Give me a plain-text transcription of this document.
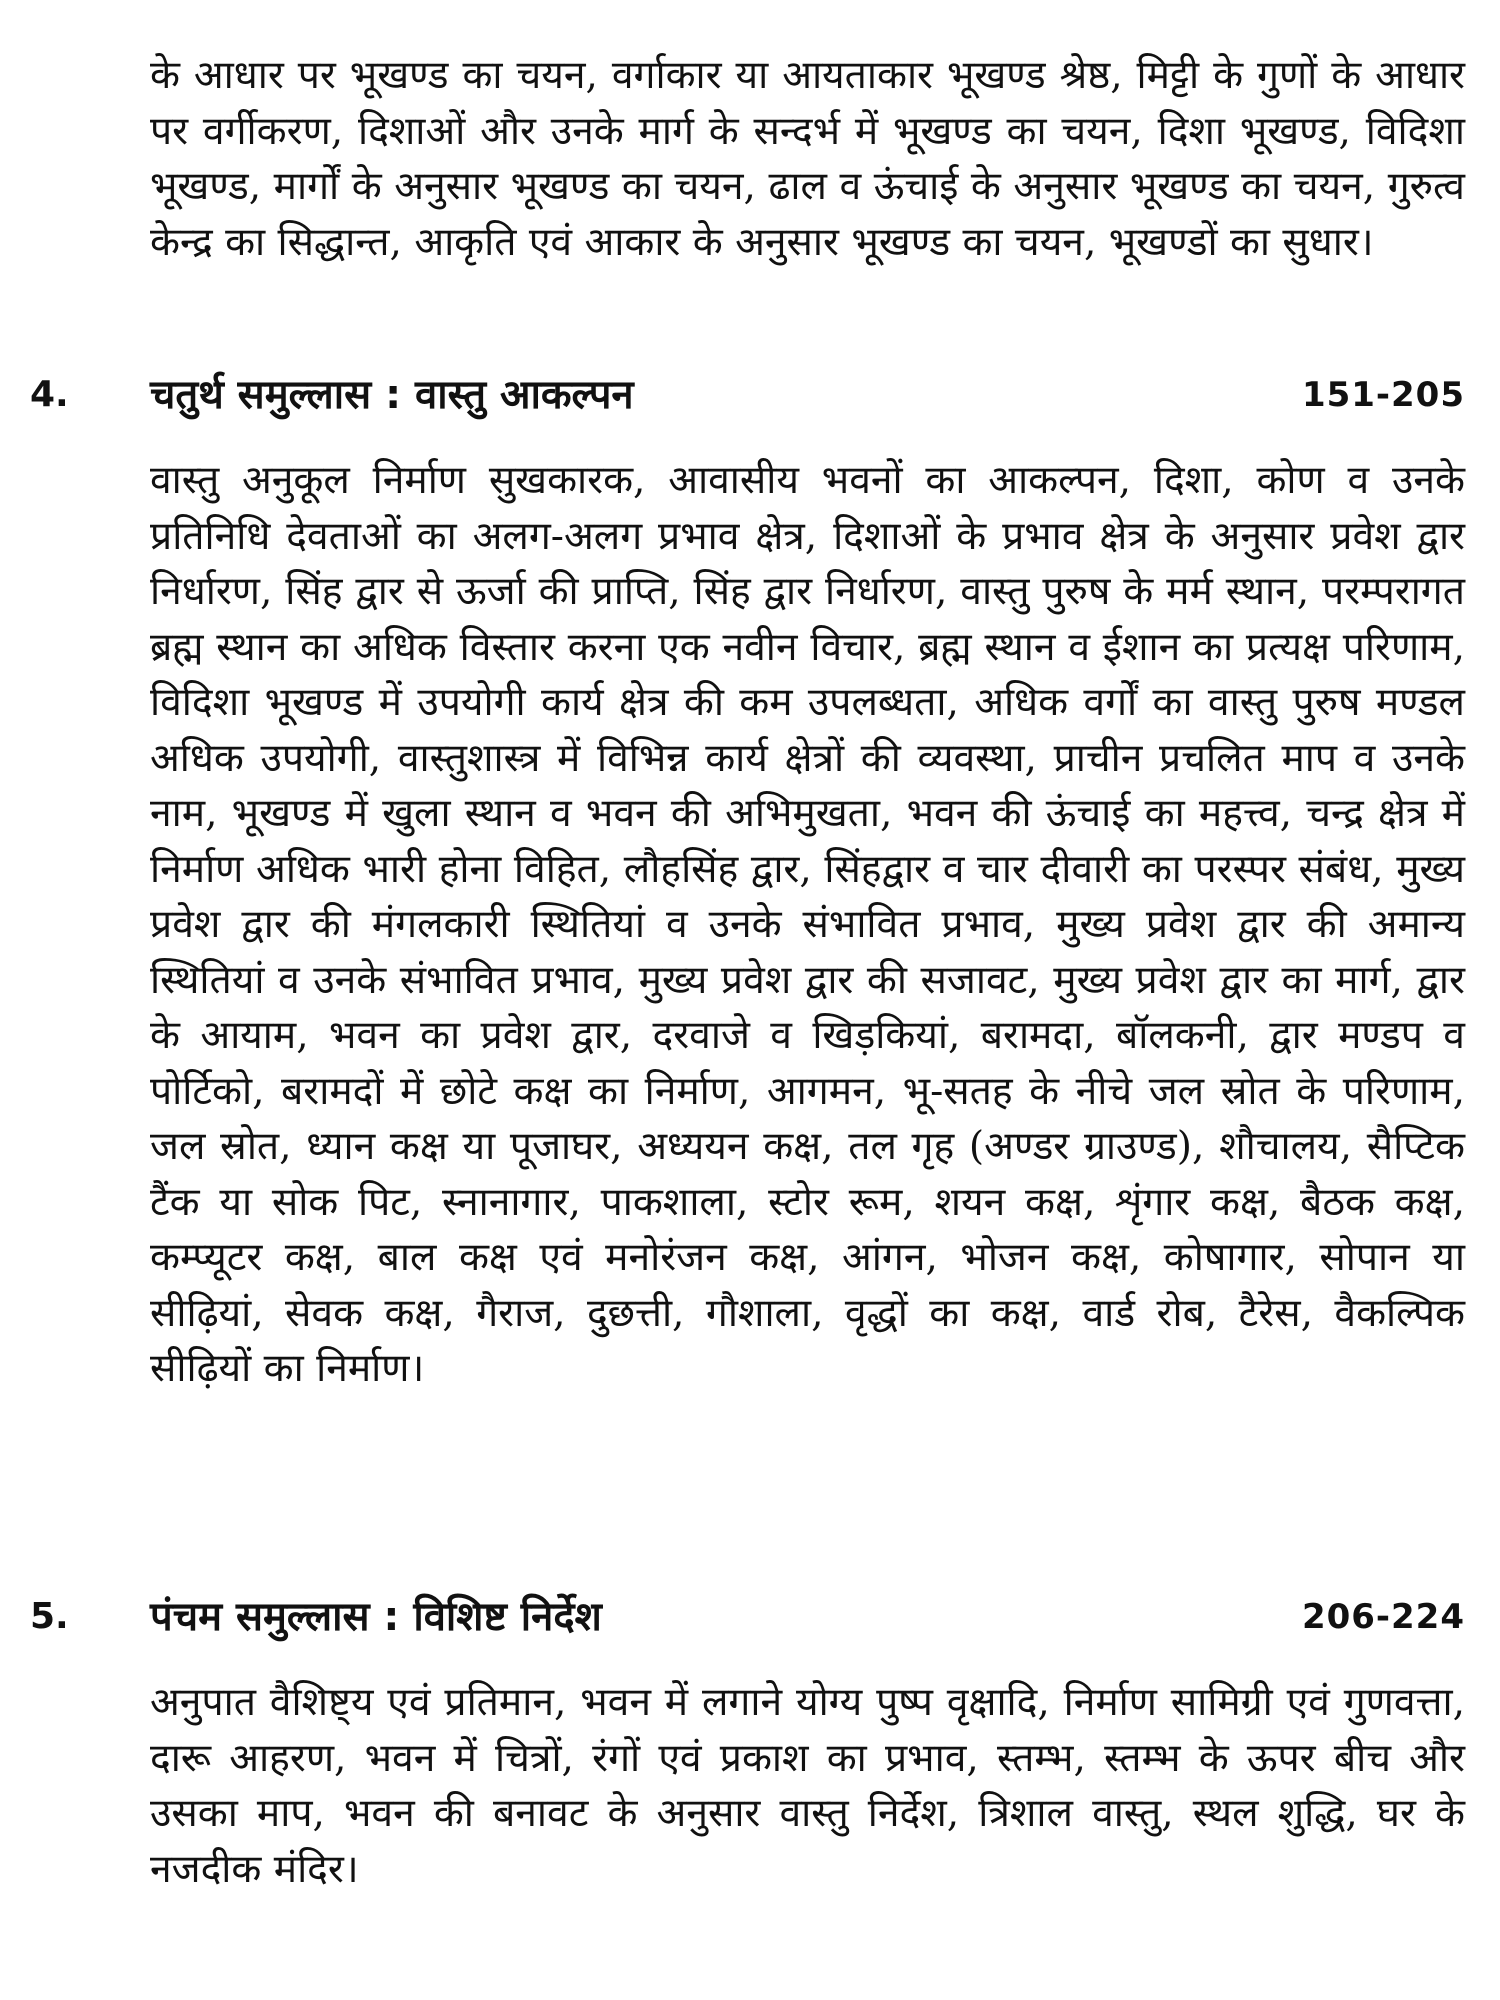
के आधार पर भूखण्ड का चयन, वर्गाकार या आयताकार भूखण्ड श्रेष्ठ, मिट्टी के गुणों के आधार पर वर्गीकरण, दिशाओं और उनके मार्ग के सन्दर्भ में भूखण्ड का चयन, दिशा भूखण्ड, विदिशा भूखण्ड, मार्गों के अनुसार भूखण्ड का चयन, ढाल व ऊंचाई के अनुसार भूखण्ड का चयन, गुरुत्व केन्द्र का सिद्धान्त, आकृति एवं आकार के अनुसार भूखण्ड का चयन, भूखण्डों का सुधार।

4. चतुर्थ समुल्लास : वास्तु आकल्पन	151-205

वास्तु अनुकूल निर्माण सुखकारक, आवासीय भवनों का आकल्पन, दिशा, कोण व उनके प्रतिनिधि देवताओं का अलग-अलग प्रभाव क्षेत्र, दिशाओं के प्रभाव क्षेत्र के अनुसार प्रवेश द्वार निर्धारण, सिंह द्वार से ऊर्जा की प्राप्ति, सिंह द्वार निर्धारण, वास्तु पुरुष के मर्म स्थान, परम्परागत ब्रह्म स्थान का अधिक विस्तार करना एक नवीन विचार, ब्रह्म स्थान व ईशान का प्रत्यक्ष परिणाम, विदिशा भूखण्ड में उपयोगी कार्य क्षेत्र की कम उपलब्धता, अधिक वर्गों का वास्तु पुरुष मण्डल अधिक उपयोगी, वास्तुशास्त्र में विभिन्न कार्य क्षेत्रों की व्यवस्था, प्राचीन प्रचलित माप व उनके नाम, भूखण्ड में खुला स्थान व भवन की अभिमुखता, भवन की ऊंचाई का महत्त्व, चन्द्र क्षेत्र में निर्माण अधिक भारी होना विहित, लौहसिंह द्वार, सिंहद्वार व चार दीवारी का परस्पर संबंध, मुख्य प्रवेश द्वार की मंगलकारी स्थितियां व उनके संभावित प्रभाव, मुख्य प्रवेश द्वार की अमान्य स्थितियां व उनके संभावित प्रभाव, मुख्य प्रवेश द्वार की सजावट, मुख्य प्रवेश द्वार का मार्ग, द्वार के आयाम, भवन का प्रवेश द्वार, दरवाजे व खिड़कियां, बरामदा, बॉलकनी, द्वार मण्डप व पोर्टिको, बरामदों में छोटे कक्ष का निर्माण, आगमन, भू-सतह के नीचे जल स्रोत के परिणाम, जल स्रोत, ध्यान कक्ष या पूजाघर, अध्ययन कक्ष, तल गृह (अण्डर ग्राउण्ड), शौचालय, सैप्टिक टैंक या सोक पिट, स्नानागार, पाकशाला, स्टोर रूम, शयन कक्ष, शृंगार कक्ष, बैठक कक्ष, कम्प्यूटर कक्ष, बाल कक्ष एवं मनोरंजन कक्ष, आंगन, भोजन कक्ष, कोषागार, सोपान या सीढ़ियां, सेवक कक्ष, गैराज, दुछत्ती, गौशाला, वृद्धों का कक्ष, वार्ड रोब, टैरेस, वैकल्पिक सीढ़ियों का निर्माण।

5. पंचम समुल्लास : विशिष्ट निर्देश	206-224

अनुपात वैशिष्ट्य एवं प्रतिमान, भवन में लगाने योग्य पुष्प वृक्षादि, निर्माण सामिग्री एवं गुणवत्ता, दारू आहरण, भवन में चित्रों, रंगों एवं प्रकाश का प्रभाव, स्तम्भ, स्तम्भ के ऊपर बीच और उसका माप, भवन की बनावट के अनुसार वास्तु निर्देश, त्रिशाल वास्तु, स्थल शुद्धि, घर के नजदीक मंदिर।
